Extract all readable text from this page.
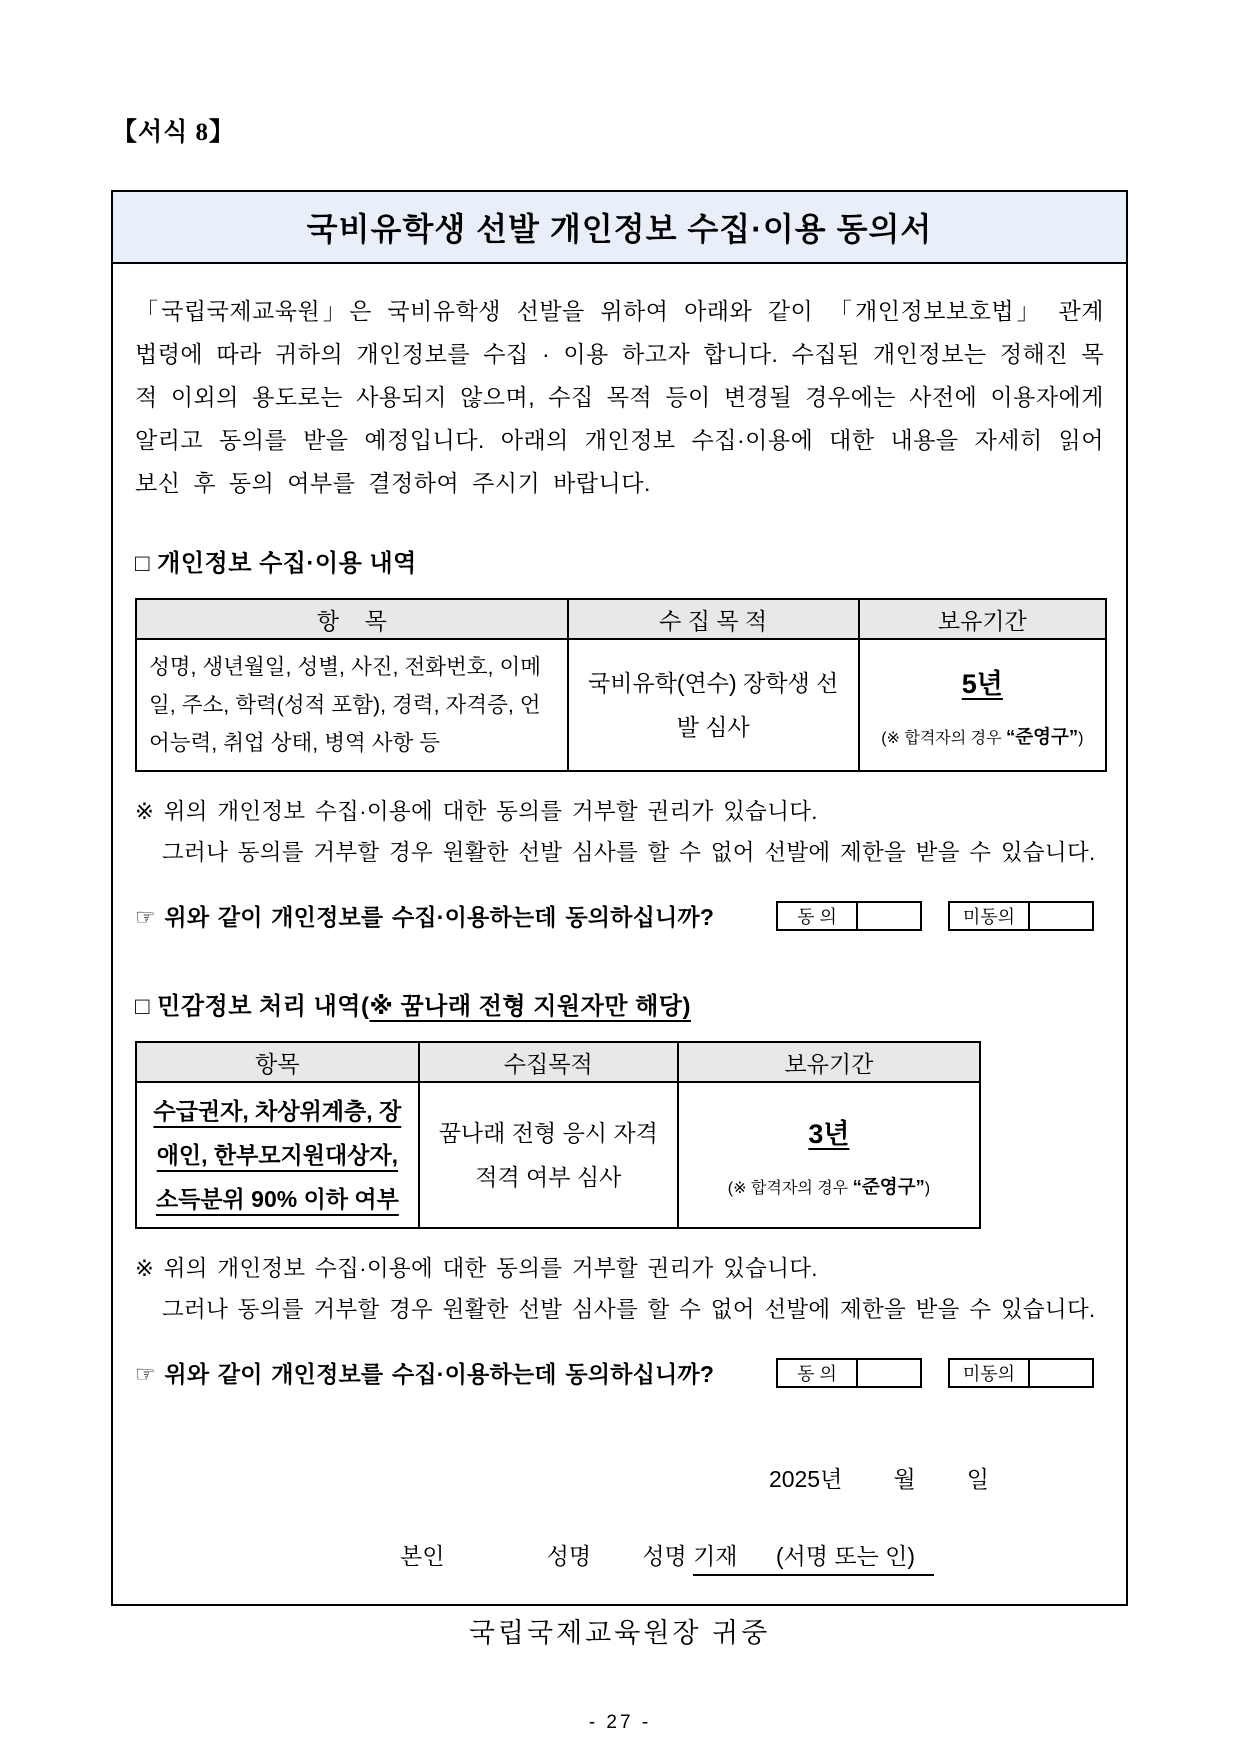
【서식 8】
국비유학생 선발 개인정보 수집·이용 동의서

「국립국제교육원」은 국비유학생 선발을 위하여 아래와 같이 「개인정보보호법」 관계 법령에 따라 귀하의 개인정보를 수집 · 이용 하고자 합니다. 수집된 개인정보는 정해진 목적 이외의 용도로는 사용되지 않으며, 수집 목적 등이 변경될 경우에는 사전에 이용자에게 알리고 동의를 받을 예정입니다. 아래의 개인정보 수집·이용에 대한 내용을 자세히 읽어 보신 후 동의 여부를 결정하여 주시기 바랍니다.

□ 개인정보 수집·이용 내역
항    목	수 집 목 적	보유기간
성명, 생년월일, 성별, 사진, 전화번호, 이메일, 주소, 학력(성적 포함), 경력, 자격증, 언어능력, 취업 상태, 병역 사항 등	국비유학(연수) 장학생 선발 심사	5년
(※ 합격자의 경우 “준영구”)

※ 위의 개인정보 수집·이용에 대한 동의를 거부할 권리가 있습니다.

그러나 동의를 거부할 경우 원활한 선발 심사를 할 수 없어 선발에 제한을 받을 수 있습니다.

☞ 위와 같이 개인정보를 수집·이용하는데 동의하십니까?	동 의	미동의
□ 민감정보 처리 내역(※ 꿈나래 전형 지원자만 해당)
항목	수집목적	보유기간
수급권자, 차상위계층, 장애인, 한부모지원대상자, 소득분위 90% 이하 여부	꿈나래 전형 응시 자격 적격 여부 심사	3년
(※ 합격자의 경우 “준영구”)

※ 위의 개인정보 수집·이용에 대한 동의를 거부할 권리가 있습니다.

그러나 동의를 거부할 경우 원활한 선발 심사를 할 수 없어 선발에 제한을 받을 수 있습니다.

☞ 위와 같이 개인정보를 수집·이용하는데 동의하십니까?	동 의	미동의
2025년        월        일
본인                성명        성명 기재      (서명 또는 인)
국립국제교육원장 귀중
- 27 -
